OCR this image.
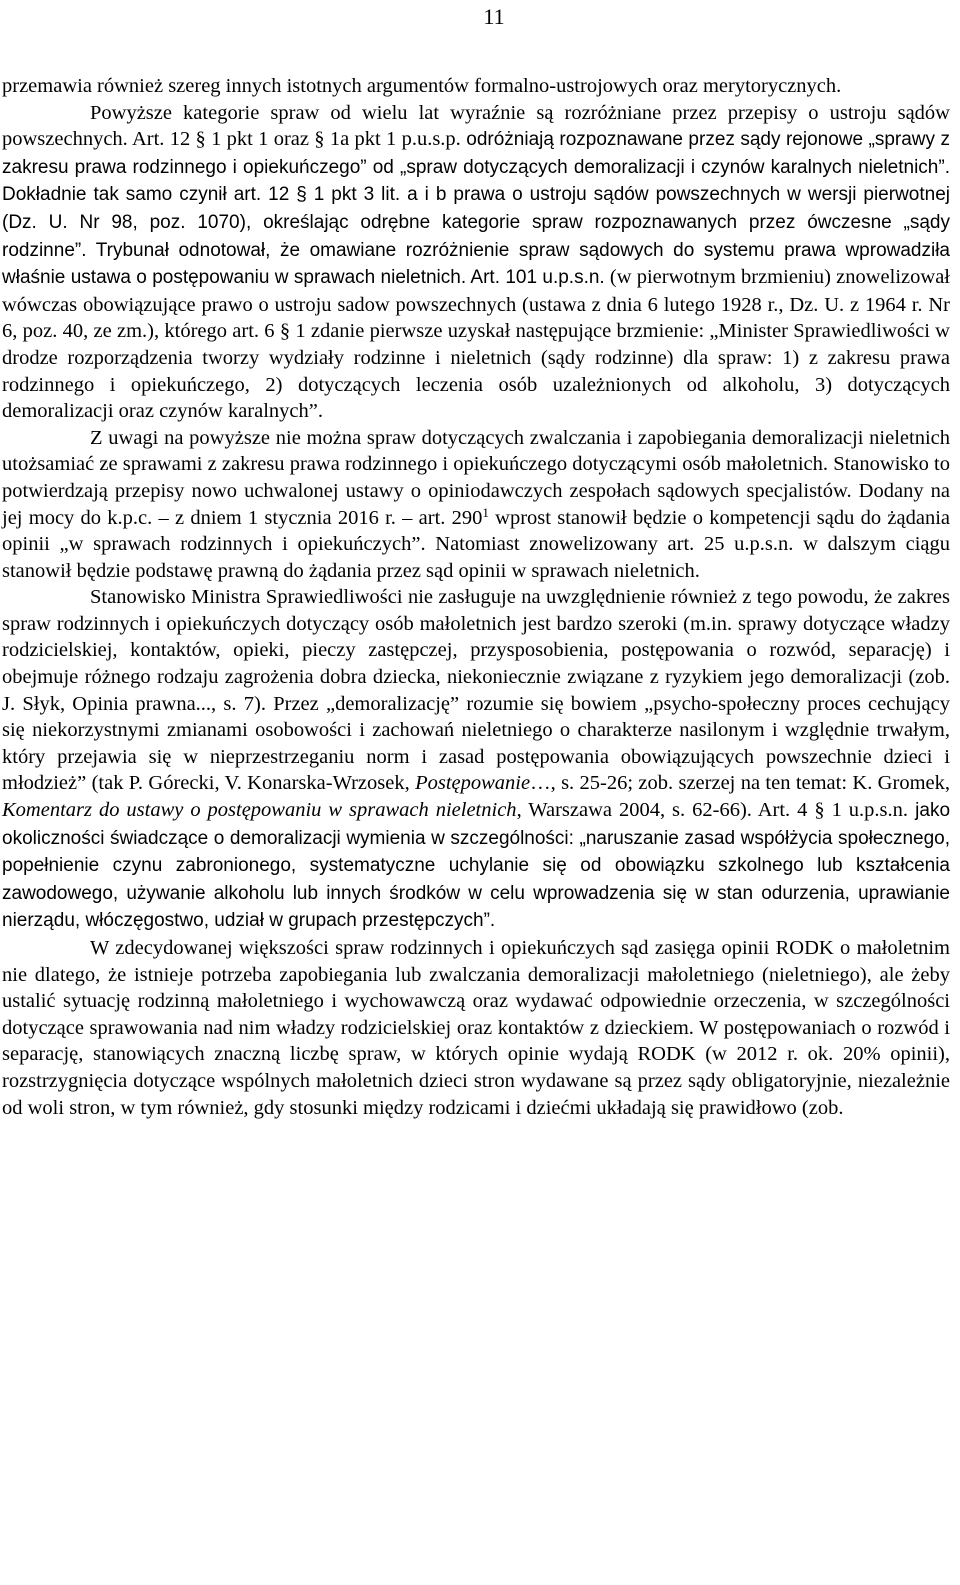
11

przemawia również szereg innych istotnych argumentów formalno-ustrojowych oraz merytorycznych.

Powyższe kategorie spraw od wielu lat wyraźnie są rozróżniane przez przepisy o ustroju sądów powszechnych. Art. 12 § 1 pkt 1 oraz § 1a pkt 1 p.u.s.p. odróżniają rozpoznawane przez sądy rejonowe „sprawy z zakresu prawa rodzinnego i opiekuńczego” od „spraw dotyczących demoralizacji i czynów karalnych nieletnich”. Dokładnie tak samo czynił art. 12 § 1 pkt 3 lit. a i b prawa o ustroju sądów powszechnych w wersji pierwotnej (Dz. U. Nr 98, poz. 1070), określając odrębne kategorie spraw rozpoznawanych przez ówczesne „sądy rodzinne”. Trybunał odnotował, że omawiane rozróżnienie spraw sądowych do systemu prawa wprowadziła właśnie ustawa o postępowaniu w sprawach nieletnich. Art. 101 u.p.s.n. (w pierwotnym brzmieniu) znowelizował wówczas obowiązujące prawo o ustroju sadow powszechnych (ustawa z dnia 6 lutego 1928 r., Dz. U. z 1964 r. Nr 6, poz. 40, ze zm.), którego art. 6 § 1 zdanie pierwsze uzyskał następujące brzmienie: „Minister Sprawiedliwości w drodze rozporządzenia tworzy wydziały rodzinne i nieletnich (sądy rodzinne) dla spraw: 1) z zakresu prawa rodzinnego i opiekuńczego, 2) dotyczących leczenia osób uzależnionych od alkoholu, 3) dotyczących demoralizacji oraz czynów karalnych”.

Z uwagi na powyższe nie można spraw dotyczących zwalczania i zapobiegania demoralizacji nieletnich utożsamiać ze sprawami z zakresu prawa rodzinnego i opiekuńczego dotyczącymi osób małoletnich. Stanowisko to potwierdzają przepisy nowo uchwalonej ustawy o opiniodawczych zespołach sądowych specjalistów. Dodany na jej mocy do k.p.c. – z dniem 1 stycznia 2016 r. – art. $290^1$ wprost stanowił będzie o kompetencji sądu do żądania opinii „w sprawach rodzinnych i opiekuńczych”. Natomiast znowelizowany art. 25 u.p.s.n. w dalszym ciągu stanowił będzie podstawę prawną do żądania przez sąd opinii w sprawach nieletnich.

Stanowisko Ministra Sprawiedliwości nie zasługuje na uwzględnienie również z tego powodu, że zakres spraw rodzinnych i opiekuńczych dotyczący osób małoletnich jest bardzo szeroki (m.in. sprawy dotyczące władzy rodzicielskiej, kontaktów, opieki, pieczy zastępczej, przysposobienia, postępowania o rozwód, separację) i obejmuje różnego rodzaju zagrożenia dobra dziecka, niekoniecznie związane z ryzykiem jego demoralizacji (zob. J. Słyk, Opinia prawna..., s. 7). Przez „demoralizację” rozumie się bowiem „psycho-społeczny proces cechujący się niekorzystnymi zmianami osobowości i zachowań nieletniego o charakterze nasilonym i względnie trwałym, który przejawia się w nieprzestrzeganiu norm i zasad postępowania obowiązujących powszechnie dzieci i młodzież” (tak P. Górecki, V. Konarska-Wrzosek, Postępowanie…, s. 25-26; zob. szerzej na ten temat: K. Gromek, Komentarz do ustawy o postępowaniu w sprawach nieletnich, Warszawa 2004, s. 62-66). Art. 4 § 1 u.p.s.n. jako okoliczności świadczące o demoralizacji wymienia w szczególności: „naruszanie zasad współżycia społecznego, popełnienie czynu zabronionego, systematyczne uchylanie się od obowiązku szkolnego lub kształcenia zawodowego, używanie alkoholu lub innych środków w celu wprowadzenia się w stan odurzenia, uprawianie nierządu, włóczęgostwo, udział w grupach przestępczych”.

W zdecydowanej większości spraw rodzinnych i opiekuńczych sąd zasięga opinii RODK o małoletnim nie dlatego, że istnieje potrzeba zapobiegania lub zwalczania demoralizacji małoletniego (nieletniego), ale żeby ustalić sytuację rodzinną małoletniego i wychowawczą oraz wydawać odpowiednie orzeczenia, w szczególności dotyczące sprawowania nad nim władzy rodzicielskiej oraz kontaktów z dzieckiem. W postępowaniach o rozwód i separację, stanowiących znaczną liczbę spraw, w których opinie wydają RODK (w 2012 r. ok. 20% opinii), rozstrzygnięcia dotyczące wspólnych małoletnich dzieci stron wydawane są przez sądy obligatoryjnie, niezależnie od woli stron, w tym również, gdy stosunki między rodzicami i dziećmi układają się prawidłowo (zob.
